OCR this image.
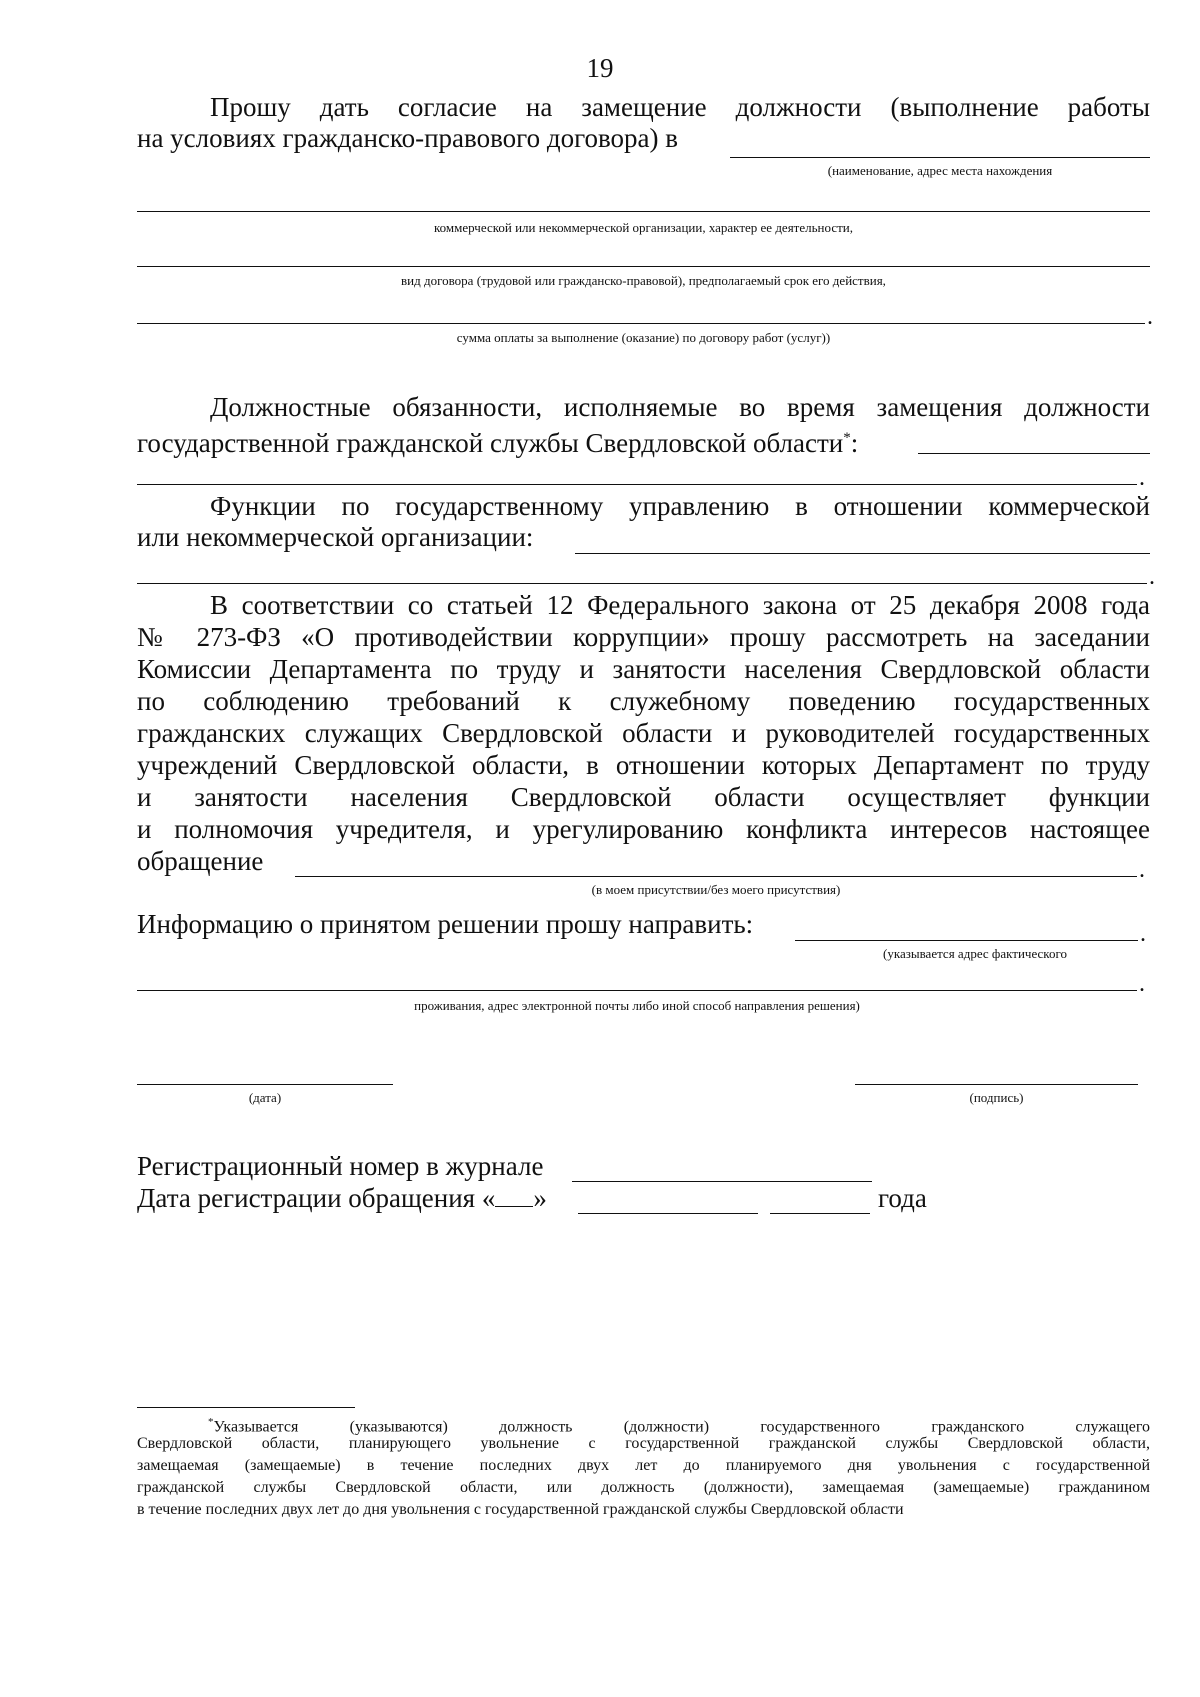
19
Прошу дать согласие на замещение должности (выполнение работы
на условиях гражданско-правового договора) в
(наименование, адрес места нахождения
коммерческой или некоммерческой организации, характер ее деятельности,
вид договора (трудовой или гражданско-правовой), предполагаемый срок его действия,
.
сумма оплаты за выполнение (оказание) по договору работ (услуг))
Должностные обязанности, исполняемые во время замещения должности
государственной гражданской службы Свердловской области*:
.
Функции по государственному управлению в отношении коммерческой
или некоммерческой организации:
.
В соответствии со статьей 12 Федерального закона от 25 декабря 2008 года
№ 273-ФЗ «О противодействии коррупции» прошу рассмотреть на заседании
Комиссии Департамента по труду и занятости населения Свердловской области
по соблюдению требований к служебному поведению государственных
гражданских служащих Свердловской области и руководителей государственных
учреждений Свердловской области, в отношении которых Департамент по труду
и занятости населения Свердловской области осуществляет функции
и полномочия учредителя, и урегулированию конфликта интересов настоящее
обращение	.
(в моем присутствии/без моего присутствия)
Информацию о принятом решении прошу направить:	.
(указывается адрес фактического
.
проживания, адрес электронной почты либо иной способ направления решения)
(дата)	(подпись)
Регистрационный номер в журнале
Дата регистрации обращения « »	года
*Указывается (указываются) должность (должности) государственного гражданского служащего
Свердловской области, планирующего увольнение с государственной гражданской службы Свердловской области,
замещаемая (замещаемые) в течение последних двух лет до планируемого дня увольнения с государственной
гражданской службы Свердловской области, или должность (должности), замещаемая (замещаемые) гражданином
в течение последних двух лет до дня увольнения с государственной гражданской службы Свердловской области
